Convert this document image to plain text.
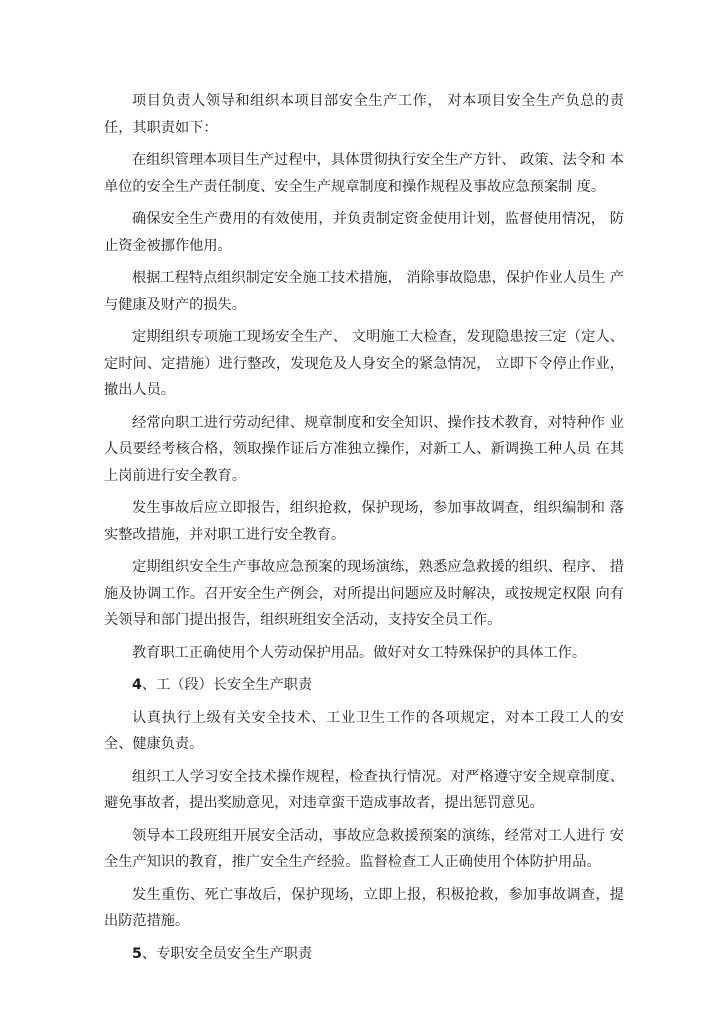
项目负责人领导和组织本项目部安全生产工作， 对本项目安全生产负总的责 任，其职责如下：

在组织管理本项目生产过程中，具体贯彻执行安全生产方针、 政策、法令和 本单位的安全生产责任制度、安全生产规章制度和操作规程及事故应急预案制 度。

确保安全生产费用的有效使用，并负责制定资金使用计划，监督使用情况， 防止资金被挪作他用。

根据工程特点组织制定安全施工技术措施， 消除事故隐患，保护作业人员生 产与健康及财产的损失。

定期组织专项施工现场安全生产、 文明施工大检查，发现隐患按三定（定人、 定时间、定措施）进行整改，发现危及人身安全的紧急情况， 立即下令停止作业， 撤出人员。

经常向职工进行劳动纪律、规章制度和安全知识、操作技术教育，对特种作 业人员要经考核合格，领取操作证后方准独立操作，对新工人、新调换工种人员 在其上岗前进行安全教育。

发生事故后应立即报告，组织抢救，保护现场，参加事故调查，组织编制和 落实整改措施，并对职工进行安全教育。

定期组织安全生产事故应急预案的现场演练，熟悉应急救援的组织、程序、 措施及协调工作。召开安全生产例会，对所提出问题应及时解决，或按规定权限 向有关领导和部门提出报告，组织班组安全活动，支持安全员工作。

教育职工正确使用个人劳动保护用品。做好对女工特殊保护的具体工作。

4、工（段）长安全生产职责

认真执行上级有关安全技术、工业卫生工作的各项规定，对本工段工人的安 全、健康负责。

组织工人学习安全技术操作规程，检查执行情况。对严格遵守安全规章制度、 避免事故者，提出奖励意见，对违章蛮干造成事故者，提出惩罚意见。

领导本工段班组开展安全活动，事故应急救援预案的演练，经常对工人进行 安全生产知识的教育，推广安全生产经验。监督检查工人正确使用个体防护用品。

发生重伤、死亡事故后，保护现场，立即上报，积极抢救，参加事故调查，提出防范措施。

5、专职安全员安全生产职责
